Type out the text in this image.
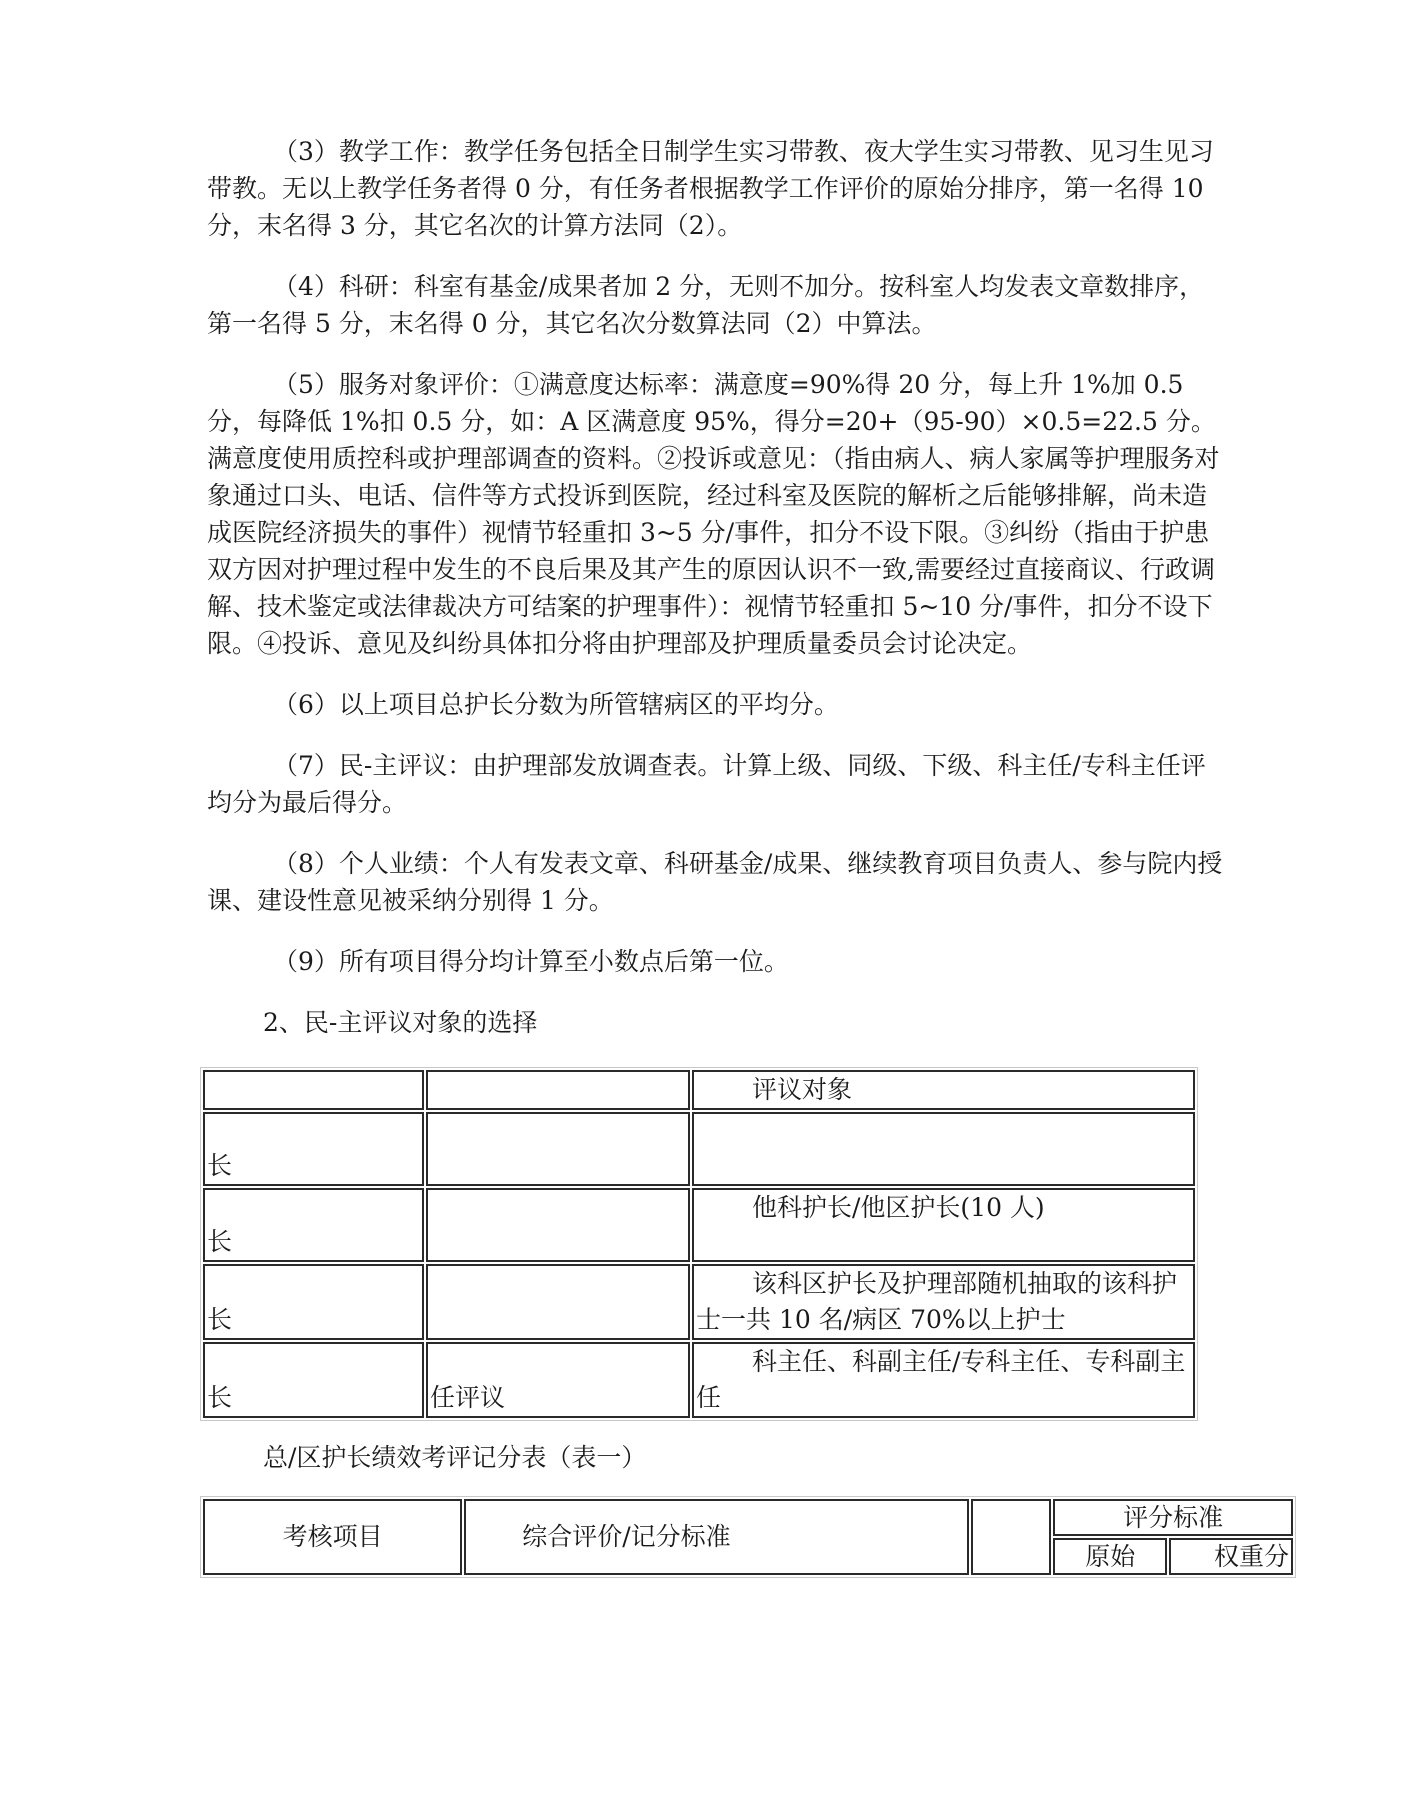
（3）教学工作：教学任务包括全日制学生实习带教、夜大学生实习带教、见习生见习带教。无以上教学任务者得 0 分，有任务者根据教学工作评价的原始分排序，第一名得 10 分，末名得 3 分，其它名次的计算方法同（2）。

（4）科研：科室有基金/成果者加 2 分，无则不加分。按科室人均发表文章数排序，第一名得 5 分，末名得 0 分，其它名次分数算法同（2）中算法。

（5）服务对象评价：①满意度达标率：满意度=90%得 20 分，每上升 1%加 0.5 分，每降低 1%扣 0.5 分，如：A 区满意度 95%，得分=20+（95-90）×0.5=22.5 分。满意度使用质控科或护理部调查的资料。②投诉或意见：（指由病人、病人家属等护理服务对象通过口头、电话、信件等方式投诉到医院，经过科室及医院的解析之后能够排解，尚未造成医院经济损失的事件）视情节轻重扣 3~5 分/事件，扣分不设下限。③纠纷（指由于护患双方因对护理过程中发生的不良后果及其产生的原因认识不一致,需要经过直接商议、行政调解、技术鉴定或法律裁决方可结案的护理事件）：视情节轻重扣 5~10 分/事件，扣分不设下限。④投诉、意见及纠纷具体扣分将由护理部及护理质量委员会讨论决定。

（6）以上项目总护长分数为所管辖病区的平均分。

（7）民-主评议：由护理部发放调查表。计算上级、同级、下级、科主任/专科主任评均分为最后得分。

（8）个人业绩：个人有发表文章、科研基金/成果、继续教育项目负责人、参与院内授课、建设性意见被采纳分别得 1 分。

（9）所有项目得分均计算至小数点后第一位。

2、民-主评议对象的选择

		评议对象
长		
长		他科护长/他区护长(10 人)
长		该科区护长及护理部随机抽取的该科护士一共 10 名/病区 70%以上护士
长	任评议	科主任、科副主任/专科主任、专科副主任

总/区护长绩效考评记分表（表一）

考核项目	综合评价/记分标准		评分标准	
			原始	权重分
